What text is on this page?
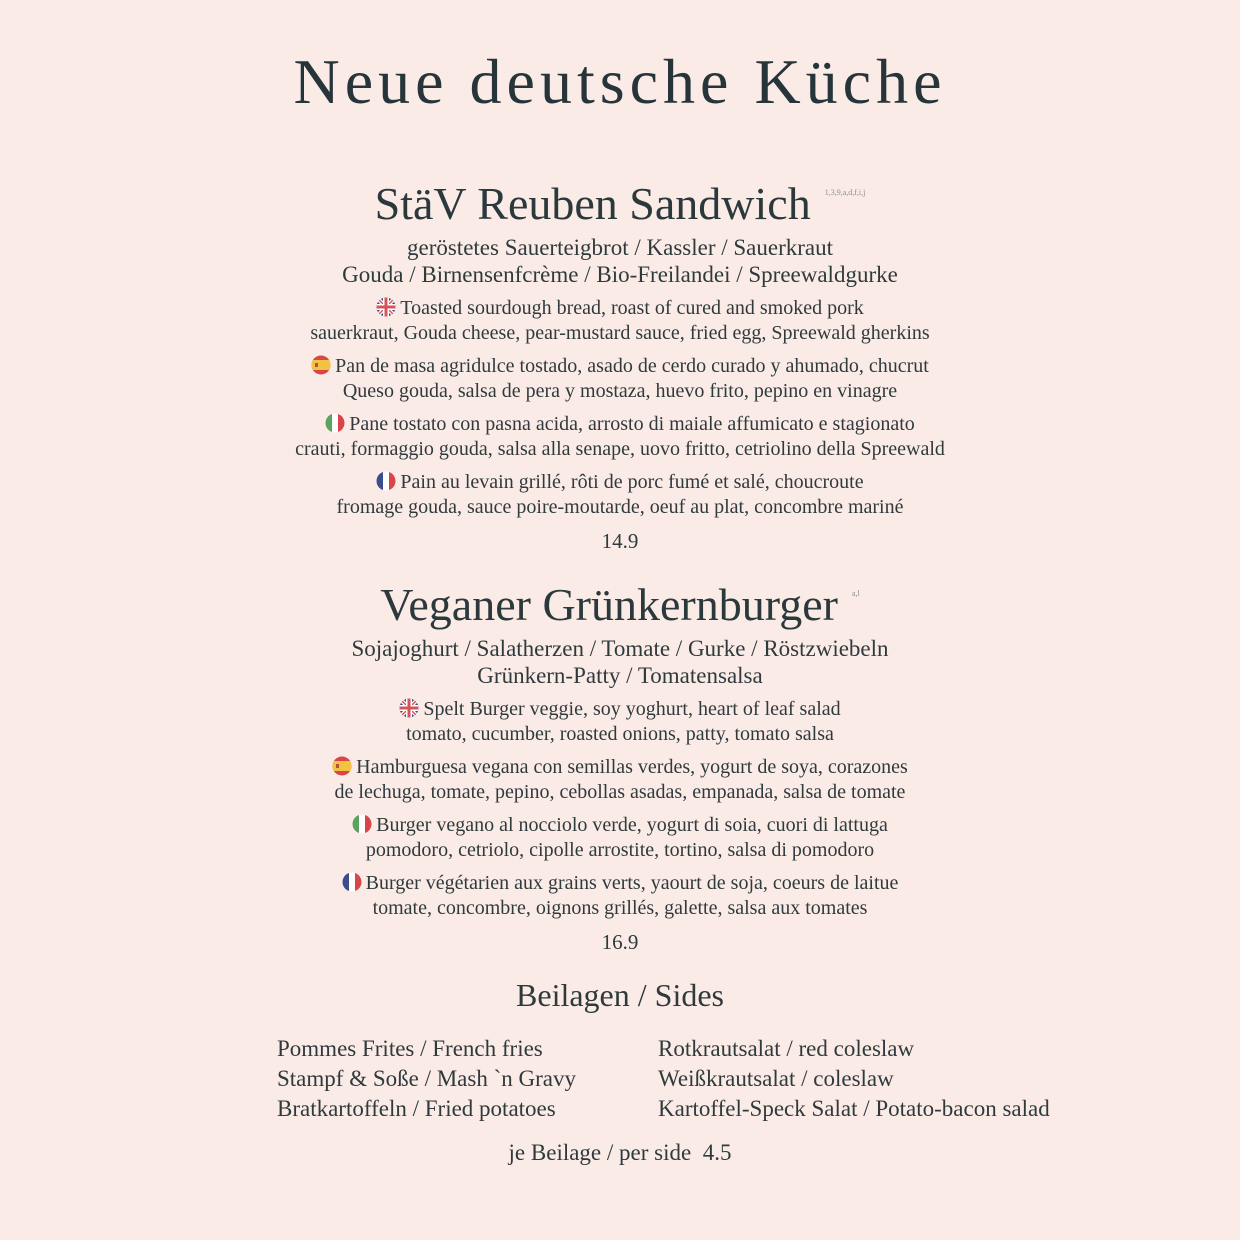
Neue deutsche Küche
StäV Reuben Sandwich 1,3,9,a,d,f,i,j
geröstetes Sauerteigbrot / Kassler / Sauerkraut
Gouda / Birnensenfcrème / Bio-Freilandei / Spreewaldgurke
Toasted sourdough bread, roast of cured and smoked pork
sauerkraut, Gouda cheese, pear-mustard sauce, fried egg, Spreewald gherkins
Pan de masa agridulce tostado, asado de cerdo curado y ahumado, chucrut
Queso gouda, salsa de pera y mostaza, huevo frito, pepino en vinagre
Pane tostato con pasna acida, arrosto di maiale affumicato e stagionato
crauti, formaggio gouda, salsa alla senape, uovo fritto, cetriolino della Spreewald
Pain au levain grillé, rôti de porc fumé et salé, choucroute
fromage gouda, sauce poire-moutarde, oeuf au plat, concombre mariné
14.9
Veganer Grünkernburger a,l
Sojajoghurt / Salatherzen / Tomate / Gurke / Röstzwiebeln
Grünkern-Patty / Tomatensalsa
Spelt Burger veggie, soy yoghurt, heart of leaf salad
tomato, cucumber, roasted onions, patty, tomato salsa
Hamburguesa vegana con semillas verdes, yogurt de soya, corazones
de lechuga, tomate, pepino, cebollas asadas, empanada, salsa de tomate
Burger vegano al nocciolo verde, yogurt di soia, cuori di lattuga
pomodoro, cetriolo, cipolle arrostite, tortino, salsa di pomodoro
Burger végétarien aux grains verts, yaourt de soja, coeurs de laitue
tomate, concombre, oignons grillés, galette, salsa aux tomates
16.9
Beilagen / Sides
Pommes Frites / French fries
Stampf & Soße / Mash `n Gravy
Bratkartoffeln / Fried potatoes
Rotkrautsalat / red coleslaw
Weißkrautsalat / coleslaw
Kartoffel-Speck Salat / Potato-bacon salad
je Beilage / per side  4.5
